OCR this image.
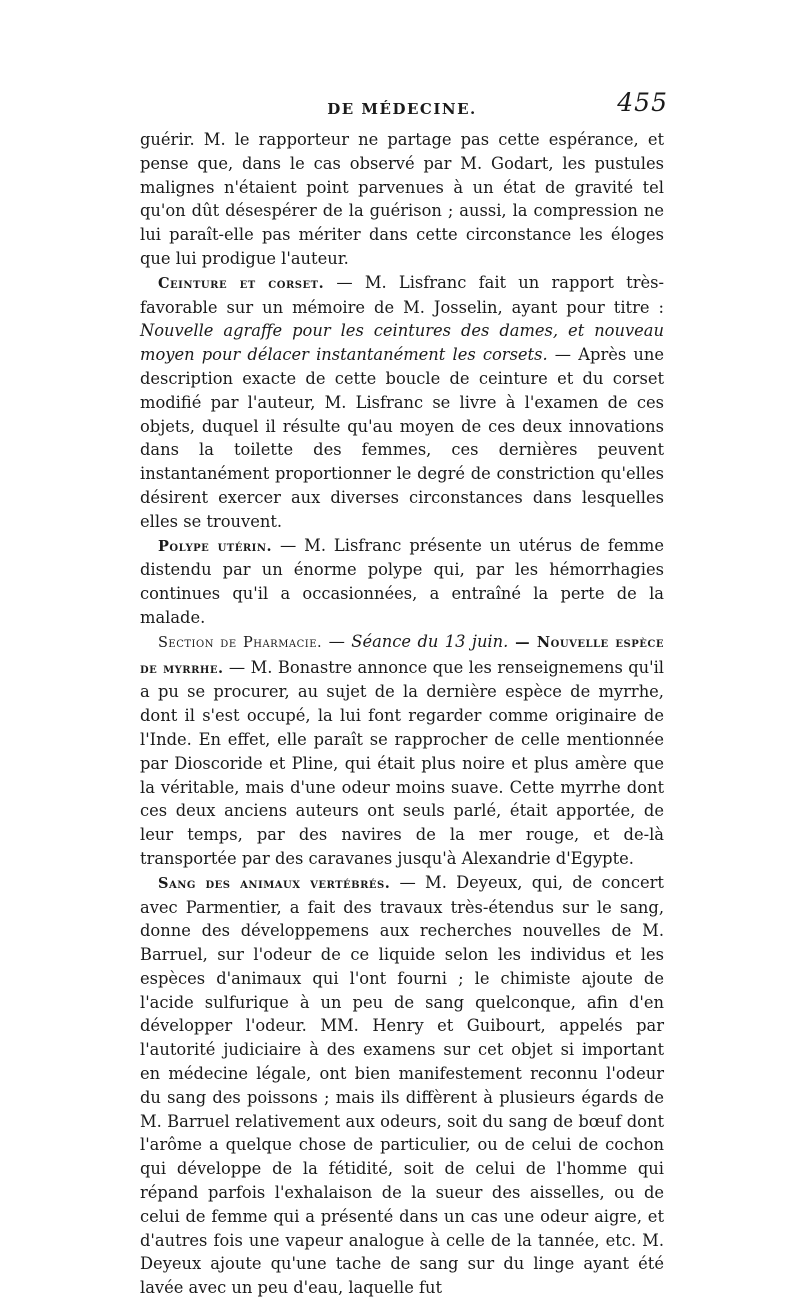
DE MÉDECINE.	455

guérir. M. le rapporteur ne partage pas cette espérance, et pense que, dans le cas observé par M. Godart, les pustules malignes n'étaient point parvenues à un état de gravité tel qu'on dût désespérer de la guérison ; aussi, la compression ne lui paraît-elle pas mériter dans cette circonstance les éloges que lui prodigue l'auteur.

Ceinture et corset. — M. Lisfranc fait un rapport très-favorable sur un mémoire de M. Josselin, ayant pour titre : Nouvelle agraffe pour les ceintures des dames, et nouveau moyen pour délacer instantanément les corsets. — Après une description exacte de cette boucle de ceinture et du corset modifié par l'auteur, M. Lisfranc se livre à l'examen de ces objets, duquel il résulte qu'au moyen de ces deux innovations dans la toilette des femmes, ces dernières peuvent instantanément proportionner le degré de constriction qu'elles désirent exercer aux diverses circonstances dans lesquelles elles se trouvent.

Polype utérin. — M. Lisfranc présente un utérus de femme distendu par un énorme polype qui, par les hémorrhagies continues qu'il a occasionnées, a entraîné la perte de la malade.

Section de Pharmacie. — Séance du 13 juin. — Nouvelle espèce de myrrhe. — M. Bonastre annonce que les renseignemens qu'il a pu se procurer, au sujet de la dernière espèce de myrrhe, dont il s'est occupé, la lui font regarder comme originaire de l'Inde. En effet, elle paraît se rapprocher de celle mentionnée par Dioscoride et Pline, qui était plus noire et plus amère que la véritable, mais d'une odeur moins suave. Cette myrrhe dont ces deux anciens auteurs ont seuls parlé, était apportée, de leur temps, par des navires de la mer rouge, et de-là transportée par des caravanes jusqu'à Alexandrie d'Egypte.

Sang des animaux vertébrés. — M. Deyeux, qui, de concert avec Parmentier, a fait des travaux très-étendus sur le sang, donne des développemens aux recherches nouvelles de M. Barruel, sur l'odeur de ce liquide selon les individus et les espèces d'animaux qui l'ont fourni ; le chimiste ajoute de l'acide sulfurique à un peu de sang quelconque, afin d'en développer l'odeur. MM. Henry et Guibourt, appelés par l'autorité judiciaire à des examens sur cet objet si important en médecine légale, ont bien manifestement reconnu l'odeur du sang des poissons ; mais ils diffèrent à plusieurs égards de M. Barruel relativement aux odeurs, soit du sang de bœuf dont l'arôme a quelque chose de particulier, ou de celui de cochon qui développe de la fétidité, soit de celui de l'homme qui répand parfois l'exhalaison de la sueur des aisselles, ou de celui de femme qui a présenté dans un cas une odeur aigre, et d'autres fois une vapeur analogue à celle de la tannée, etc. M. Deyeux ajoute qu'une tache de sang sur du linge ayant été lavée avec un peu d'eau, laquelle fut
